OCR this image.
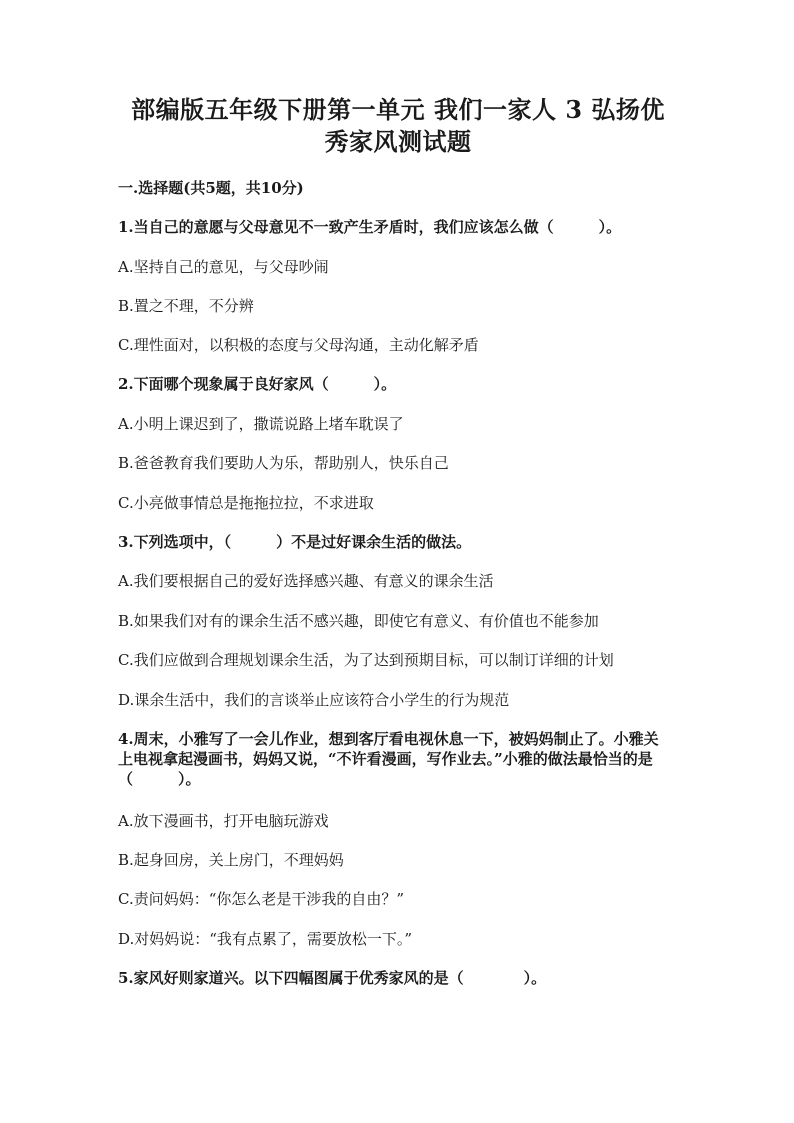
部编版五年级下册第一单元 我们一家人 3 弘扬优
秀家风测试题
一.选择题(共5题，共10分)
1.当自己的意愿与父母意见不一致产生矛盾时，我们应该怎么做（　　　）。
A.坚持自己的意见，与父母吵闹
B.置之不理，不分辨
C.理性面对，以积极的态度与父母沟通，主动化解矛盾
2.下面哪个现象属于良好家风（　　　）。
A.小明上课迟到了，撒谎说路上堵车耽误了
B.爸爸教育我们要助人为乐，帮助别人，快乐自己
C.小亮做事情总是拖拖拉拉，不求进取
3.下列选项中，（　　　）不是过好课余生活的做法。
A.我们要根据自己的爱好选择感兴趣、有意义的课余生活
B.如果我们对有的课余生活不感兴趣，即使它有意义、有价值也不能参加
C.我们应做到合理规划课余生活，为了达到预期目标，可以制订详细的计划
D.课余生活中，我们的言谈举止应该符合小学生的行为规范
4.周末，小雅写了一会儿作业，想到客厅看电视休息一下，被妈妈制止了。小雅关上电视拿起漫画书，妈妈又说，“不许看漫画，写作业去。”小雅的做法最恰当的是（　　　）。
A.放下漫画书，打开电脑玩游戏
B.起身回房，关上房门，不理妈妈
C.责问妈妈：“你怎么老是干涉我的自由？”
D.对妈妈说：“我有点累了，需要放松一下。”
5.家风好则家道兴。以下四幅图属于优秀家风的是（　　　　）。
